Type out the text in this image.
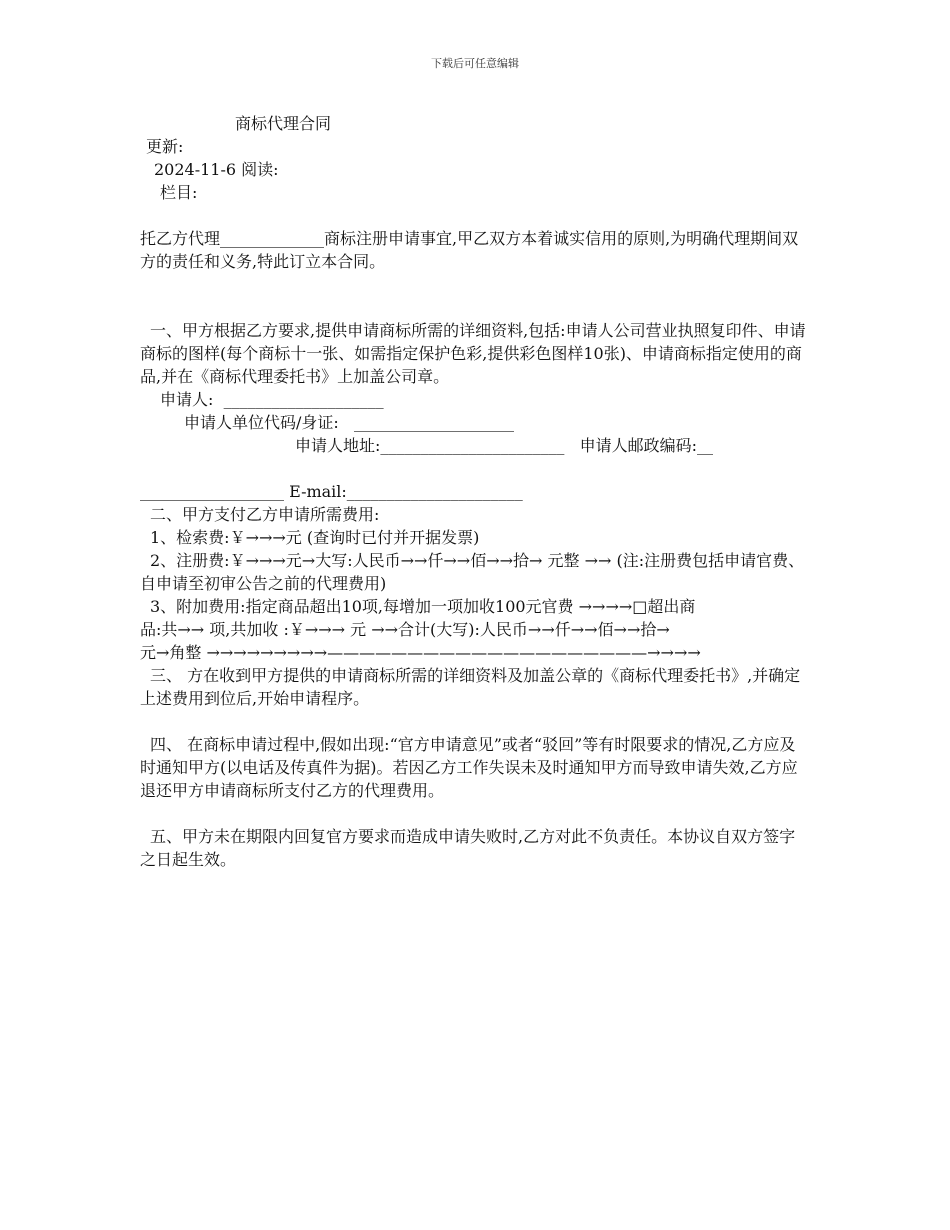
下载后可任意编辑
商标代理合同
更新:
2024-11-6 阅读:
栏目:

托乙方代理_____________商标注册申请事宜,甲乙双方本着诚实信用的原则,为明确代理期间双方的责任和义务,特此订立本合同。
一、甲方根据乙方要求,提供申请商标所需的详细资料,包括:申请人公司营业执照复印件、申请商标的图样(每个商标十一张、如需指定保护色彩,提供彩色图样10张)、申请商标指定使用的商品,并在《商标代理委托书》上加盖公司章。
申请人:  ____________________
申请人单位代码/身证:   ____________________
申请人地址:_______________________   申请人邮政编码:__

__________________ E-mail:______________________
二、甲方支付乙方申请所需费用:
1、检索费:￥→→→元 (查询时已付并开据发票)
2、注册费:￥→→→元→大写:人民币→→仟→→佰→→拾→ 元整 →→ (注:注册费包括申请官费、自申请至初审公告之前的代理费用)
3、附加费用:指定商品超出10项,每增加一项加收100元官费 →→→→□超出商
品:共→→ 项,共加收 :￥→→→ 元 →→合计(大写):人民币→→仟→→佰→→拾→
元→角整 →→→→→→→→→————————————————————→→→→
三、 方在收到甲方提供的申请商标所需的详细资料及加盖公章的《商标代理委托书》,并确定上述费用到位后,开始申请程序。
四、 在商标申请过程中,假如出现:“官方申请意见”或者“驳回”等有时限要求的情况,乙方应及时通知甲方(以电话及传真件为据)。若因乙方工作失误未及时通知甲方而导致申请失效,乙方应退还甲方申请商标所支付乙方的代理费用。
五、甲方未在期限内回复官方要求而造成申请失败时,乙方对此不负责任。本协议自双方签字之日起生效。
